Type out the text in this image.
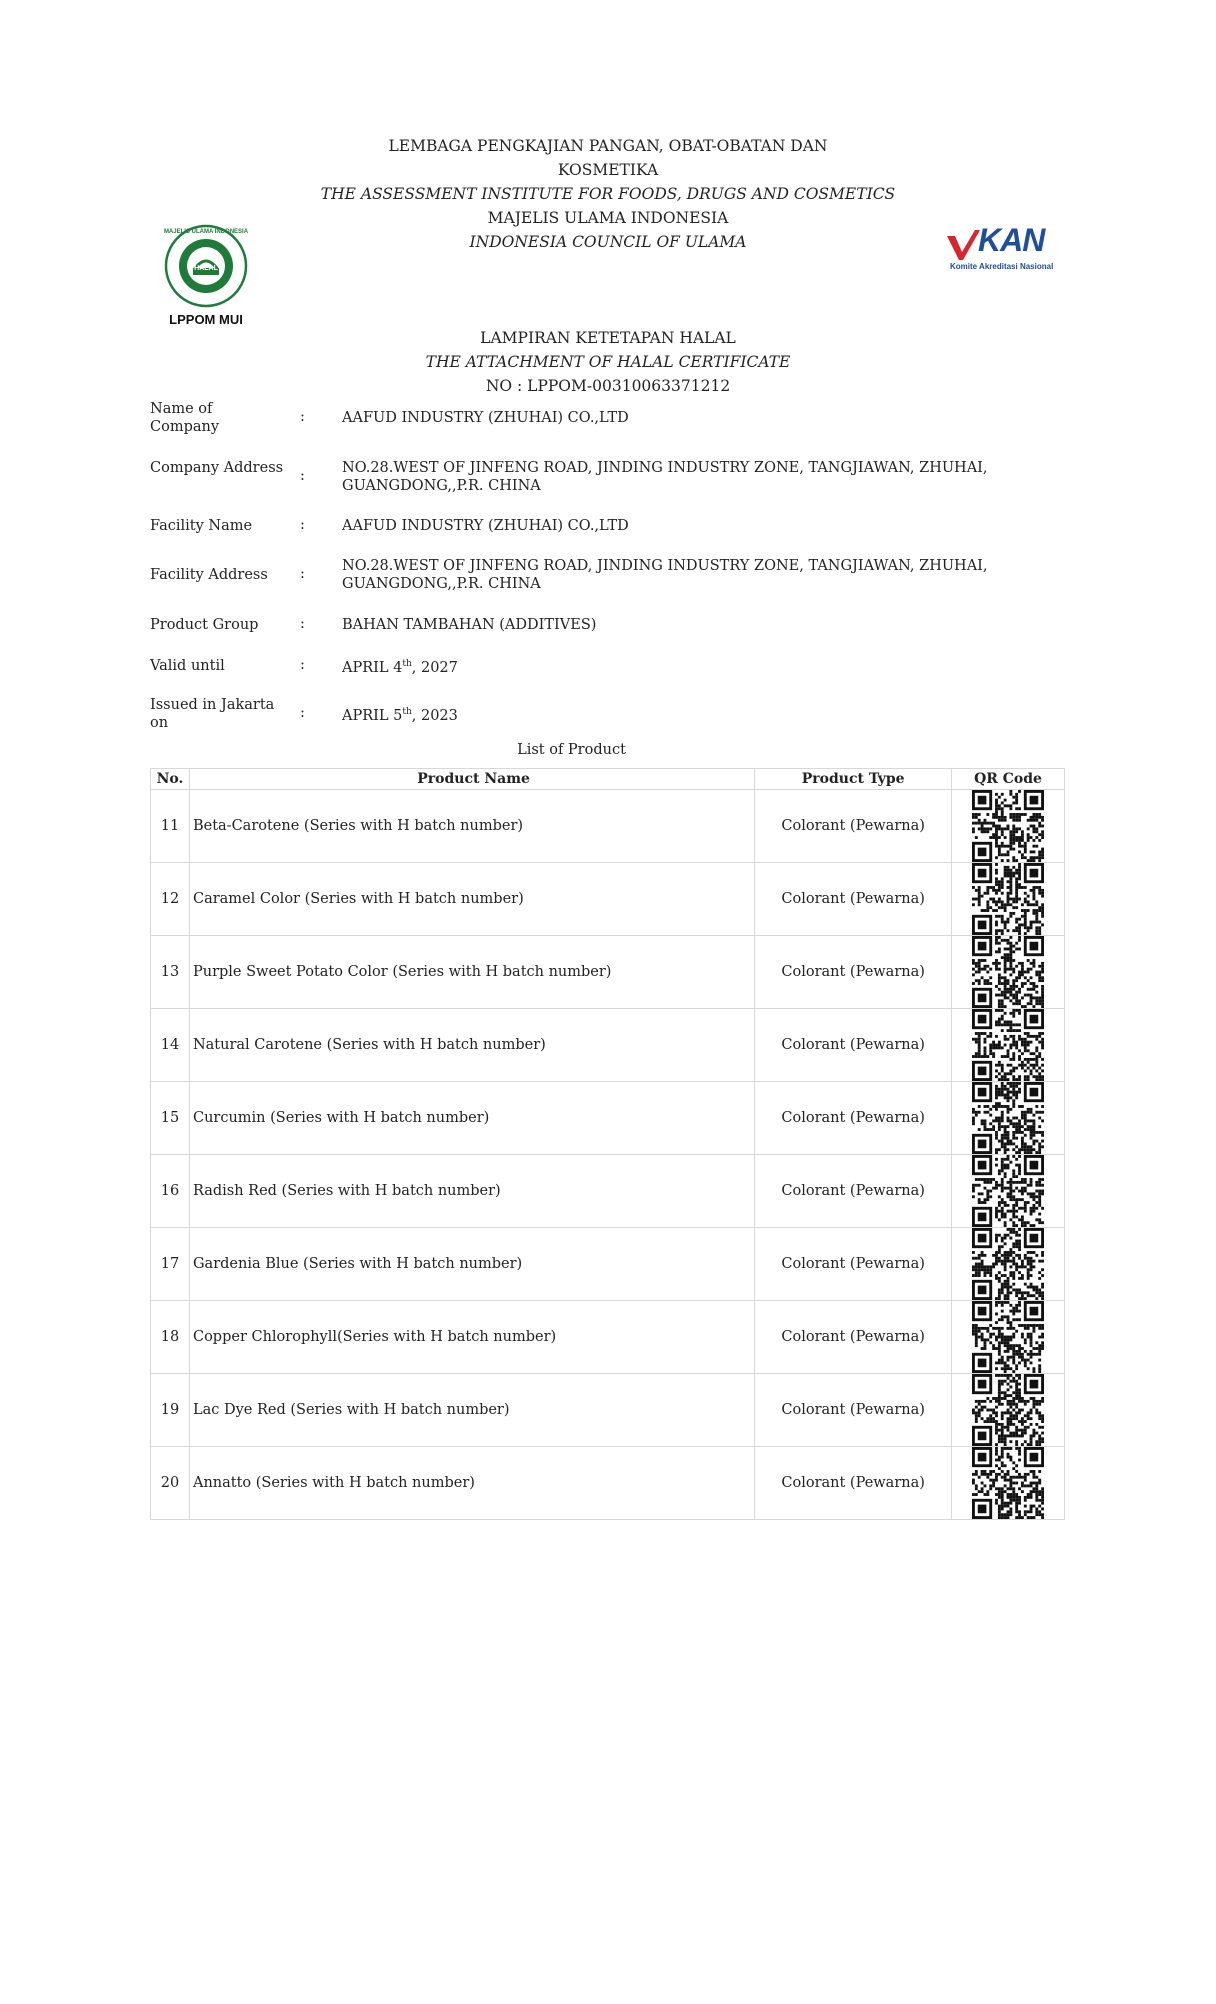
LEMBAGA PENGKAJIAN PANGAN, OBAT-OBATAN DAN
KOSMETIKA
THE ASSESSMENT INSTITUTE FOR FOODS, DRUGS AND COSMETICS
MAJELIS ULAMA INDONESIA
INDONESIA COUNCIL OF ULAMA
HALAL
MAJELIS ULAMA INDONESIA
LPPOM MUI
KAN
Komite Akreditasi Nasional
LAMPIRAN KETETAPAN HALAL
THE ATTACHMENT OF HALAL CERTIFICATE
NO : LPPOM-00310063371212
Name of Company
:	AAFUD INDUSTRY (ZHUHAI) CO.,LTD
Company Address :	NO.28.WEST OF JINFENG ROAD, JINDING INDUSTRY ZONE, TANGJIAWAN, ZHUHAI, GUANGDONG,,P.R. CHINA
Facility Name	:	AAFUD INDUSTRY (ZHUHAI) CO.,LTD
Facility Address	:	NO.28.WEST OF JINFENG ROAD, JINDING INDUSTRY ZONE, TANGJIAWAN, ZHUHAI, GUANGDONG,,P.R. CHINA
Product Group	:	BAHAN TAMBAHAN (ADDITIVES)
Valid until	:	APRIL 4th, 2027
Issued in Jakarta on
:	APRIL 5th, 2023
List of Product
No.	Product Name	Product Type	QR Code
11	Beta-Carotene (Series with H batch number)	Colorant (Pewarna)	

12	Caramel Color (Series with H batch number)	Colorant (Pewarna)	

13	Purple Sweet Potato Color (Series with H batch number)	Colorant (Pewarna)	

14	Natural Carotene (Series with H batch number)	Colorant (Pewarna)	

15	Curcumin (Series with H batch number)	Colorant (Pewarna)	

16	Radish Red (Series with H batch number)	Colorant (Pewarna)	

17	Gardenia Blue (Series with H batch number)	Colorant (Pewarna)	

18	Copper Chlorophyll(Series with H batch number)	Colorant (Pewarna)	

19	Lac Dye Red (Series with H batch number)	Colorant (Pewarna)	

20	Annatto (Series with H batch number)	Colorant (Pewarna)	
